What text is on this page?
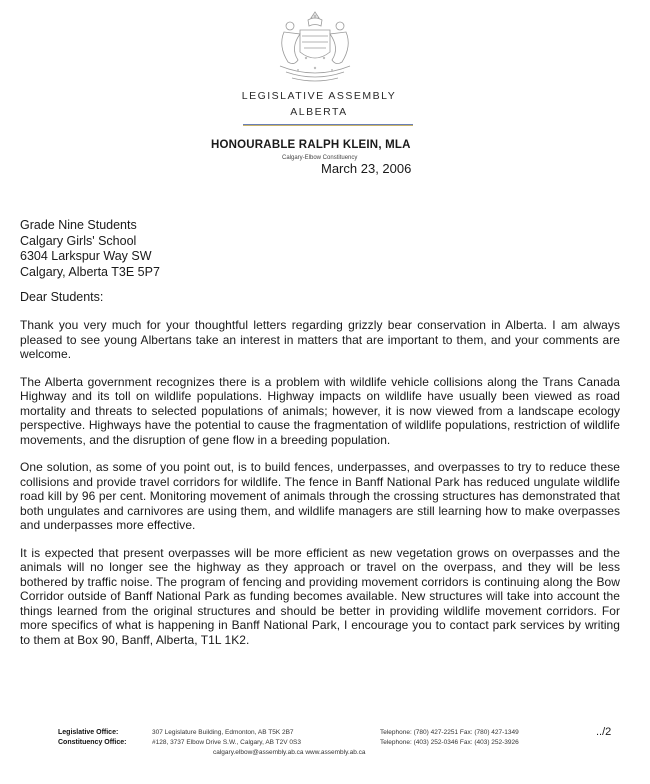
LEGISLATIVE ASSEMBLY
ALBERTA
HONOURABLE RALPH KLEIN, MLA
Calgary-Elbow Constituency
March 23, 2006
Grade Nine Students
Calgary Girls' School
6304 Larkspur Way SW
Calgary, Alberta T3E 5P7
Dear Students:

Thank you very much for your thoughtful letters regarding grizzly bear conservation in Alberta. I am always pleased to see young Albertans take an interest in matters that are important to them, and your comments are welcome.

The Alberta government recognizes there is a problem with wildlife vehicle collisions along the Trans Canada Highway and its toll on wildlife populations. Highway impacts on wildlife have usually been viewed as road mortality and threats to selected populations of animals; however, it is now viewed from a landscape ecology perspective. Highways have the potential to cause the fragmentation of wildlife populations, restriction of wildlife movements, and the disruption of gene flow in a breeding population.

One solution, as some of you point out, is to build fences, underpasses, and overpasses to try to reduce these collisions and provide travel corridors for wildlife. The fence in Banff National Park has reduced ungulate wildlife road kill by 96 per cent. Monitoring movement of animals through the crossing structures has demonstrated that both ungulates and carnivores are using them, and wildlife managers are still learning how to make overpasses and underpasses more effective.

It is expected that present overpasses will be more efficient as new vegetation grows on overpasses and the animals will no longer see the highway as they approach or travel on the overpass, and they will be less bothered by traffic noise. The program of fencing and providing movement corridors is continuing along the Bow Corridor outside of Banff National Park as funding becomes available. New structures will take into account the things learned from the original structures and should be better in providing wildlife movement corridors. For more specifics of what is happening in Banff National Park, I encourage you to contact park services by writing to them at Box 90, Banff, Alberta, T1L 1K2.

Legislative Office:	307 Legislature Building, Edmonton, AB T5K 2B7	Telephone: (780) 427-2251 Fax: (780) 427-1349
Constituency Office:	#128, 3737 Elbow Drive S.W., Calgary, AB T2V 0S3	Telephone: (403) 252-0346 Fax: (403) 252-3926
calgary.elbow@assembly.ab.ca www.assembly.ab.ca
../2
